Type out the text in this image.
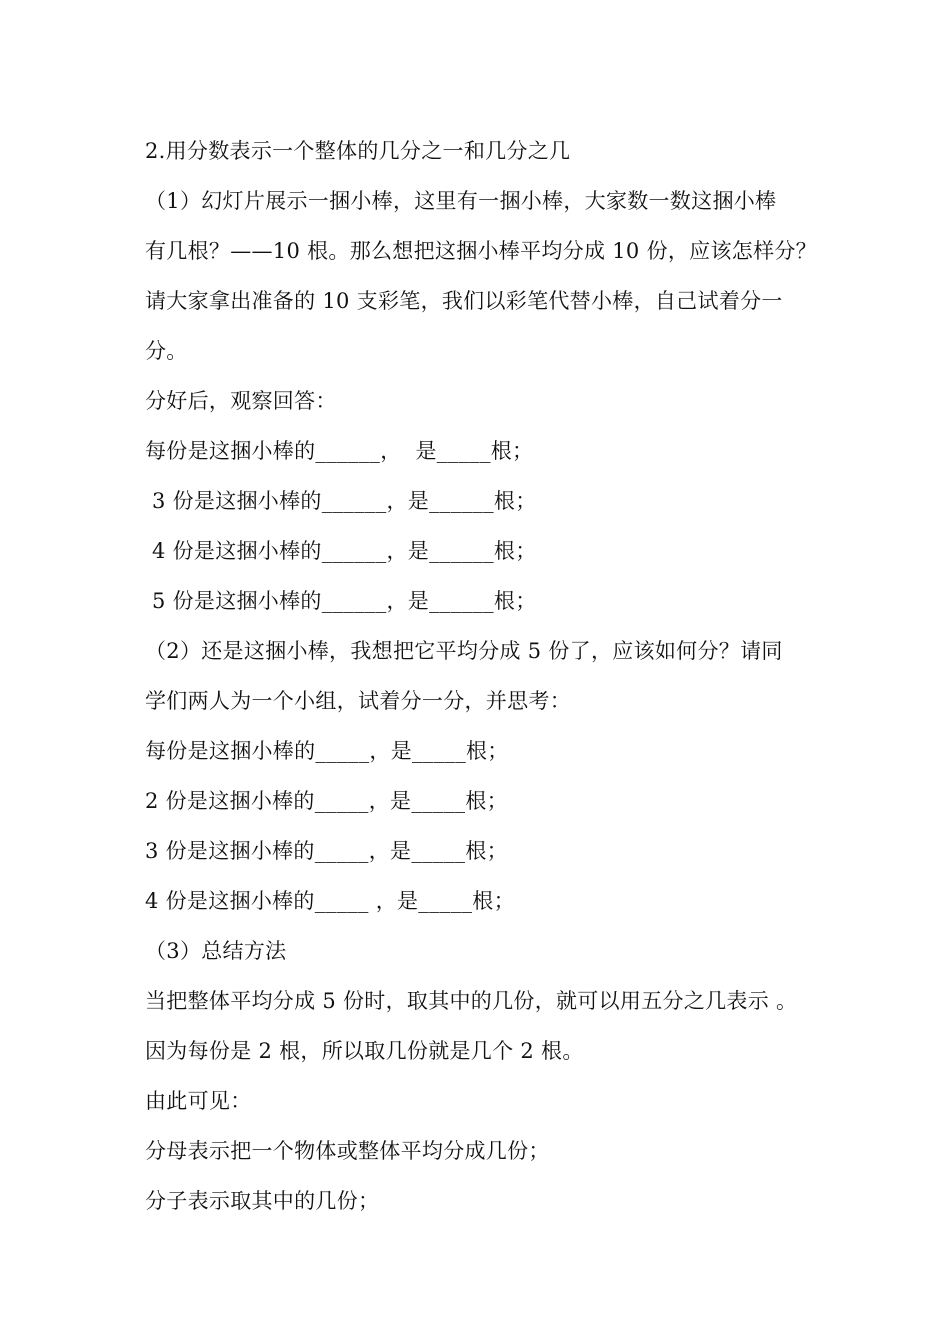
2.用分数表示一个整体的几分之一和几分之几
（1）幻灯片展示一捆小棒，这里有一捆小棒，大家数一数这捆小棒
有几根？——10 根。那么想把这捆小棒平均分成 10 份，应该怎样分？
请大家拿出准备的 10 支彩笔，我们以彩笔代替小棒，自己试着分一
分。
分好后，观察回答：
每份是这捆小棒的______，  是_____根；
3 份是这捆小棒的______，是______根；
4 份是这捆小棒的______，是______根；
5 份是这捆小棒的______，是______根；
（2）还是这捆小棒，我想把它平均分成 5 份了，应该如何分？请同
学们两人为一个小组，试着分一分，并思考：
每份是这捆小棒的_____，是_____根；
2 份是这捆小棒的_____，是_____根；
3 份是这捆小棒的_____，是_____根；
4 份是这捆小棒的_____ ，是_____根；
（3）总结方法
当把整体平均分成 5 份时，取其中的几份，就可以用五分之几表示 。
因为每份是 2 根，所以取几份就是几个 2 根。
由此可见：
分母表示把一个物体或整体平均分成几份；
分子表示取其中的几份；
